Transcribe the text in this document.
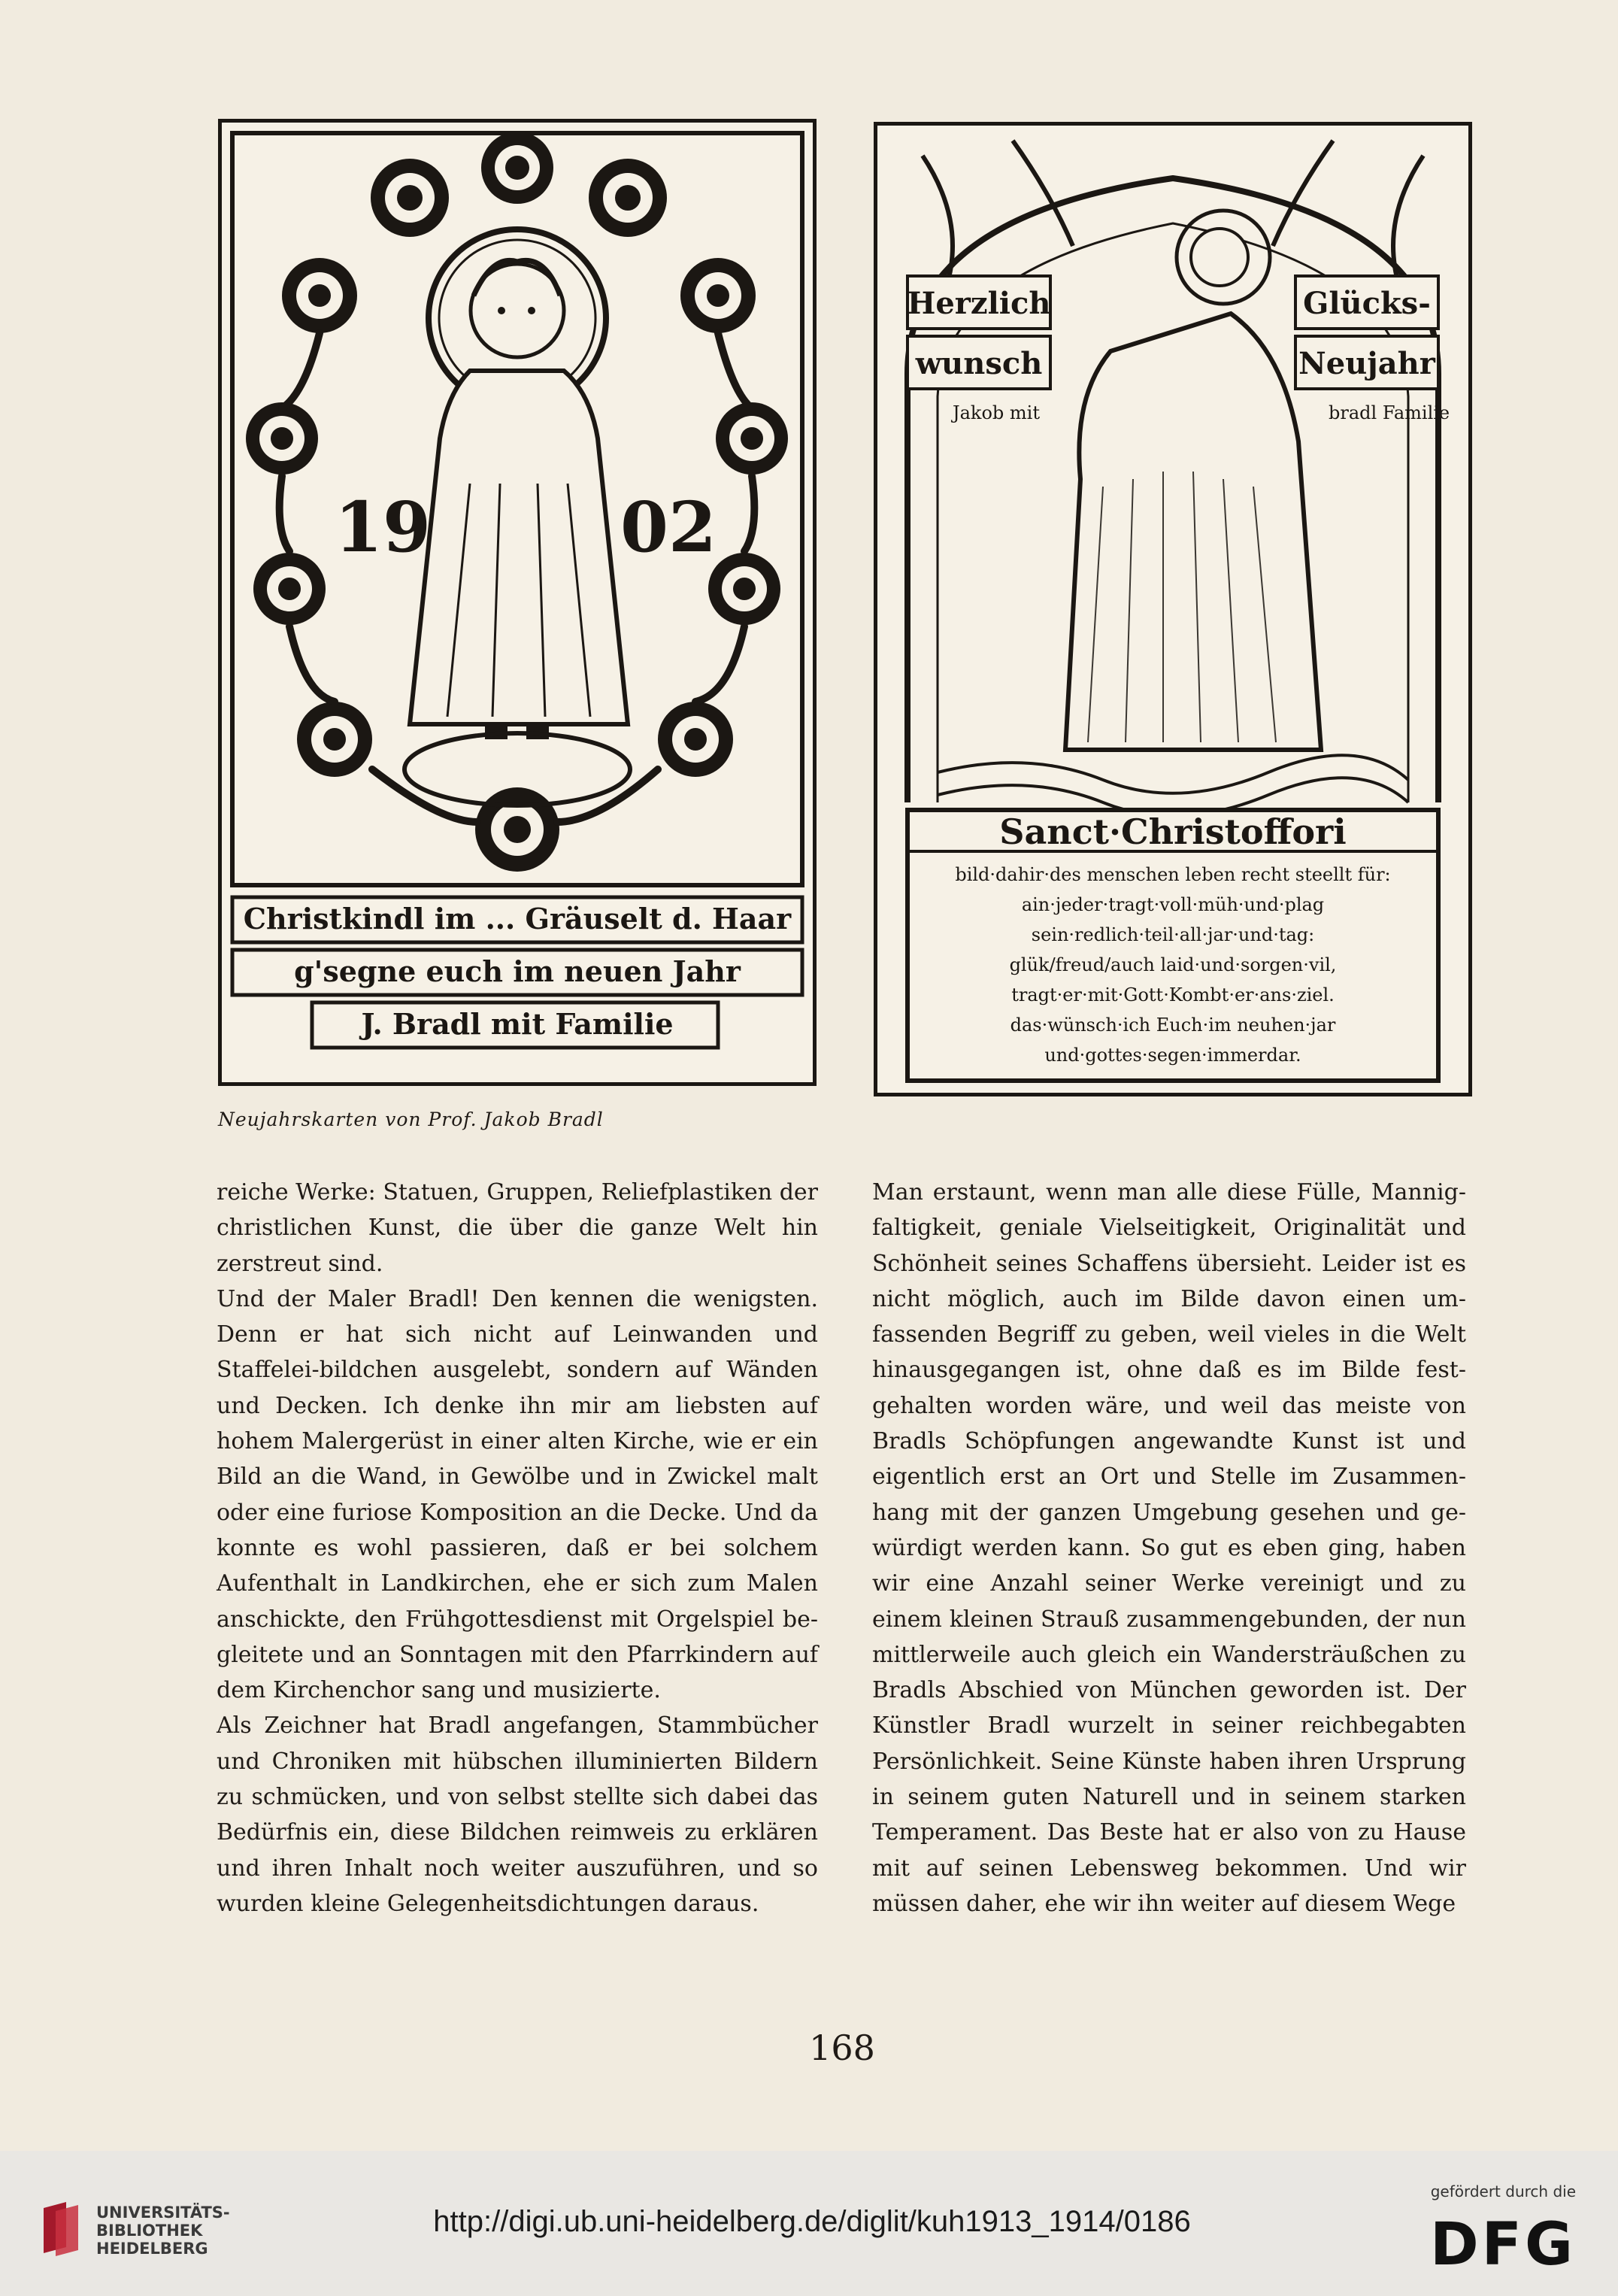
19	02
Christkindl im ... Gräuselt d. Haar
g'segne euch im neuen Jahr
J. Bradl mit Familie
Herzlich	Glücks-
wunsch	Neujahr
Jakob mit	bradl Familie
Sanct·Christoffori
bild·dahir·des menschen leben recht steellt für:
ain·jeder·tragt·voll·müh·und·plag
sein·redlich·teil·all·jar·und·tag:
glük/freud/auch laid·und·sorgen·vil,
tragt·er·mit·Gott·Kombt·er·ans·ziel.
das·wünsch·ich Euch·im neuhen·jar
und·gottes·segen·immerdar.
Neujahrskarten von Prof. Jakob Bradl

reiche Werke: Statuen, Gruppen, Reliefplastiken der christlichen Kunst, die über die ganze Welt hin zerstreut sind.

Und der Maler Bradl! Den kennen die wenigsten. Denn er hat sich nicht auf Leinwanden und Staffelei-bildchen ausgelebt, sondern auf Wänden und Decken. Ich denke ihn mir am liebsten auf hohem Malergerüst in einer alten Kirche, wie er ein Bild an die Wand, in Gewölbe und in Zwickel malt oder eine furiose Komposition an die Decke. Und da konnte es wohl passieren, daß er bei solchem Aufenthalt in Landkirchen, ehe er sich zum Malen anschickte, den Frühgottesdienst mit Orgelspiel be-gleitete und an Sonntagen mit den Pfarrkindern auf dem Kirchenchor sang und musizierte.

Als Zeichner hat Bradl angefangen, Stammbücher und Chroniken mit hübschen illuminierten Bildern zu schmücken, und von selbst stellte sich dabei das Bedürfnis ein, diese Bildchen reimweis zu erklären und ihren Inhalt noch weiter auszuführen, und so wurden kleine Gelegenheitsdichtungen daraus.

Man erstaunt, wenn man alle diese Fülle, Mannig-faltigkeit, geniale Vielseitigkeit, Originalität und Schönheit seines Schaffens übersieht. Leider ist es nicht möglich, auch im Bilde davon einen um-fassenden Begriff zu geben, weil vieles in die Welt hinausgegangen ist, ohne daß es im Bilde fest-gehalten worden wäre, und weil das meiste von Bradls Schöpfungen angewandte Kunst ist und eigentlich erst an Ort und Stelle im Zusammen-hang mit der ganzen Umgebung gesehen und ge-würdigt werden kann. So gut es eben ging, haben wir eine Anzahl seiner Werke vereinigt und zu einem kleinen Strauß zusammengebunden, der nun mittlerweile auch gleich ein Wandersträußchen zu Bradls Abschied von München geworden ist. Der Künstler Bradl wurzelt in seiner reichbegabten Persönlichkeit. Seine Künste haben ihren Ursprung in seinem guten Naturell und in seinem starken Temperament. Das Beste hat er also von zu Hause mit auf seinen Lebensweg bekommen. Und wir müssen daher, ehe wir ihn weiter auf diesem Wege

168
UNIVERSITÄTS-
BIBLIOTHEK
HEIDELBERG
http://digi.ub.uni-heidelberg.de/diglit/kuh1913_1914/0186
gefördert durch die
DFG
